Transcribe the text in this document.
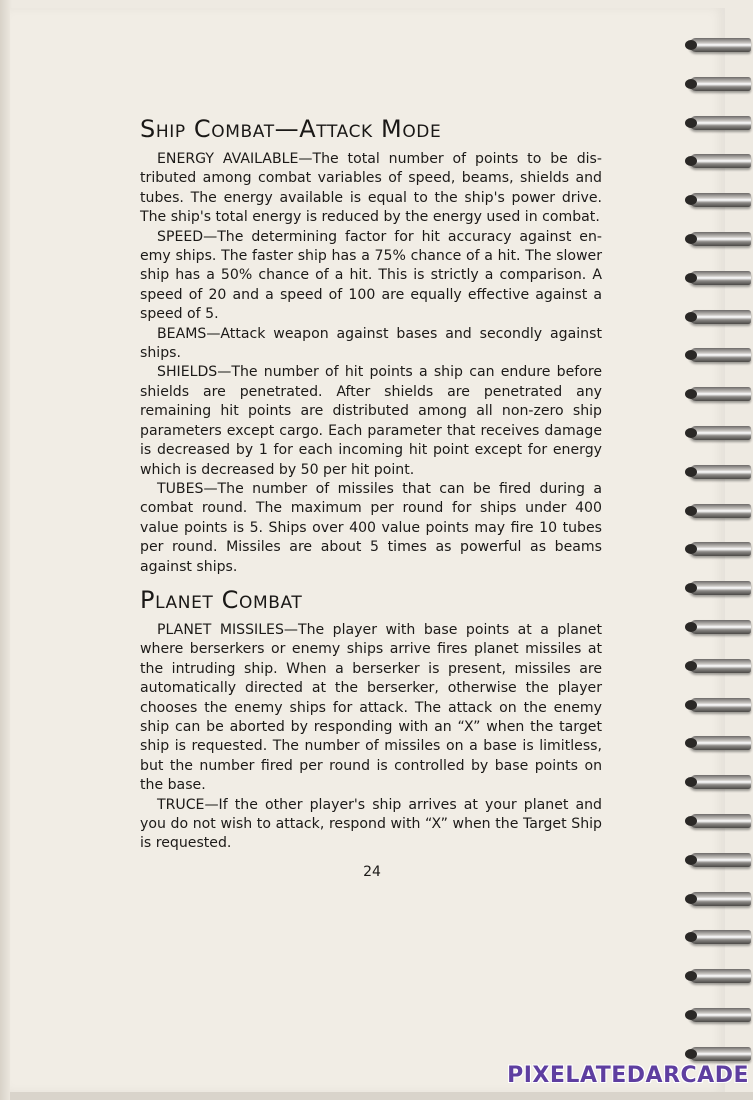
Ship Combat—Attack Mode

ENERGY AVAILABLE—The total number of points to be distributed among combat variables of speed, beams, shields and tubes. The energy available is equal to the ship's power drive. The ship's total energy is reduced by the energy used in combat.

SPEED—The determining factor for hit accuracy against enemy ships. The faster ship has a 75% chance of a hit. The slower ship has a 50% chance of a hit. This is strictly a comparison. A speed of 20 and a speed of 100 are equally effective against a speed of 5.

BEAMS—Attack weapon against bases and secondly against ships.

SHIELDS—The number of hit points a ship can endure before shields are penetrated. After shields are penetrated any remaining hit points are distributed among all non-zero ship parameters except cargo. Each parameter that receives damage is decreased by 1 for each incoming hit point except for energy which is decreased by 50 per hit point.

TUBES—The number of missiles that can be fired during a combat round. The maximum per round for ships under 400 value points is 5. Ships over 400 value points may fire 10 tubes per round. Missiles are about 5 times as powerful as beams against ships.

Planet Combat

PLANET MISSILES—The player with base points at a planet where berserkers or enemy ships arrive fires planet missiles at the intruding ship. When a berserker is present, missiles are automatically directed at the berserker, otherwise the player chooses the enemy ships for attack. The attack on the enemy ship can be aborted by responding with an “X” when the target ship is requested. The number of missiles on a base is limitless, but the number fired per round is controlled by base points on the base.

TRUCE—If the other player's ship arrives at your planet and you do not wish to attack, respond with “X” when the Target Ship is requested.

24
PIXELATEDARCADE
